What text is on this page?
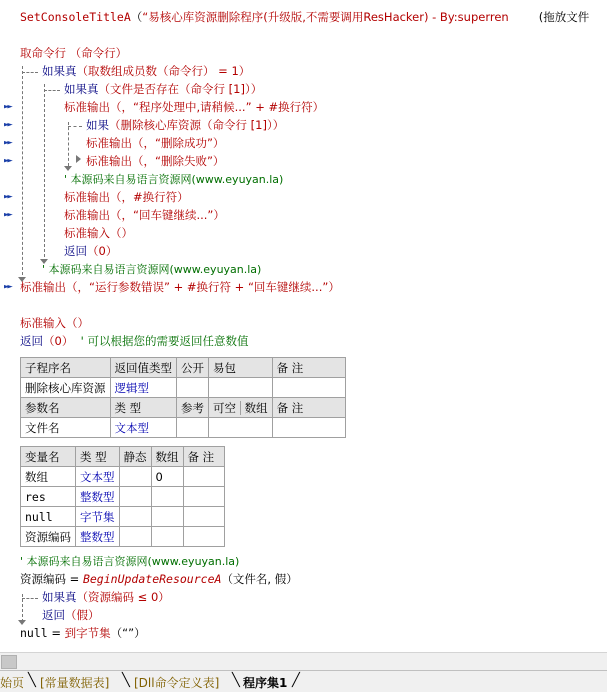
SetConsoleTitleA（“易核心库资源删除程序(升级版,不需要调用ResHacker) - By:superren	(拖放文件
取命令行 （命令行）
如果真（取数组成员数（命令行） = 1）
如果真（文件是否存在（命令行 [1]））
►►	标准输出（，“程序处理中,请稍候...” + #换行符）
►►	如果（删除核心库资源（命令行 [1]））
►►	标准输出（，“删除成功”）
►►	标准输出（，“删除失败”）
' 本源码来自易语言资源网(www.eyuyan.la)
►►	标准输出（，#换行符）
►►	标准输出（，“回车键继续...”）
标准输入（）
返回（0）
' 本源码来自易语言资源网(www.eyuyan.la)
►► 标准输出（，“运行参数错误” + #换行符 + “回车键继续...”）
标准输入（）
返回（0） ' 可以根据您的需要返回任意数值
子程序名	返回值类型	公开	易包	备 注
删除核心库资源	逻辑型			
参数名	类 型	参考	可空 数组	备 注
文件名	文本型			
变量名	类 型	静态	数组	备 注
数组	文本型		0	
res	整数型			
null	字节集			
资源编码	整数型			
' 本源码来自易语言资源网(www.eyuyan.la)
资源编码 = BeginUpdateResourceA（文件名, 假）
如果真（资源编码 ≤ 0）
返回（假）
null = 到字节集（“”）
始页 ╲ [常量数据表] ╲ [Dll命令定义表] ╲ 程序集1 ╱
